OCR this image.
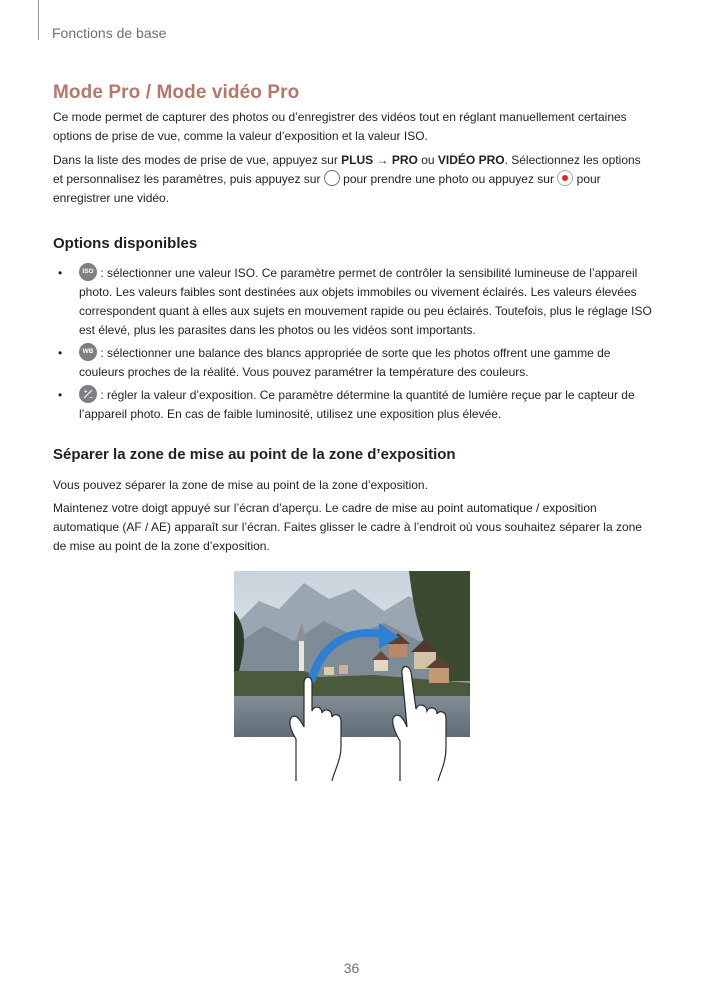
Fonctions de base
Mode Pro / Mode vidéo Pro

Ce mode permet de capturer des photos ou d’enregistrer des vidéos tout en réglant manuellement certaines options de prise de vue, comme la valeur d’exposition et la valeur ISO.

Dans la liste des modes de prise de vue, appuyez sur PLUS → PRO ou VIDÉO PRO. Sélectionnez les options et personnalisez les paramètres, puis appuyez sur  pour prendre une photo ou appuyez sur  pour enregistrer une vidéo.

Options disponibles
•	ISO : sélectionner une valeur ISO. Ce paramètre permet de contrôler la sensibilité lumineuse de l’appareil photo. Les valeurs faibles sont destinées aux objets immobiles ou vivement éclairés. Les valeurs élevées correspondent quant à elles aux sujets en mouvement rapide ou peu éclairés. Toutefois, plus le réglage ISO est élevé, plus les parasites dans les photos ou les vidéos sont importants.
•	WB : sélectionner une balance des blancs appropriée de sorte que les photos offrent une gamme de couleurs proches de la réalité. Vous pouvez paramétrer la température des couleurs.
•	+
− : régler la valeur d’exposition. Ce paramètre détermine la quantité de lumière reçue par le capteur de l’appareil photo. En cas de faible luminosité, utilisez une exposition plus élevée.
Séparer la zone de mise au point de la zone d’exposition

Vous pouvez séparer la zone de mise au point de la zone d’exposition.

Maintenez votre doigt appuyé sur l’écran d’aperçu. Le cadre de mise au point automatique / exposition automatique (AF / AE) apparaît sur l’écran. Faites glisser le cadre à l’endroit où vous souhaitez séparer la zone de mise au point de la zone d’exposition.

36
